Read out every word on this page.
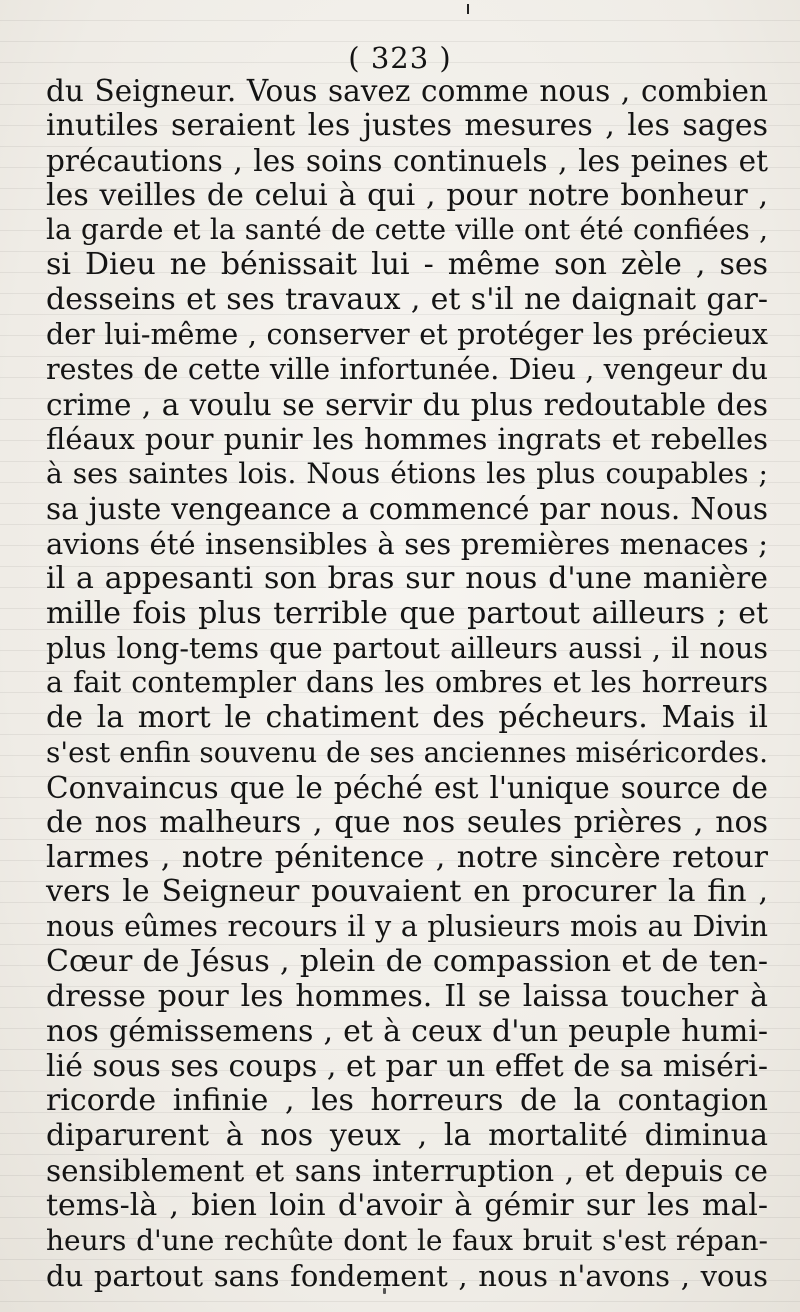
( 323 )
du Seigneur. Vous savez comme nous , combien
inutiles seraient les justes mesures , les sages
précautions , les soins continuels , les peines et
les veilles de celui à qui , pour notre bonheur ,
la garde et la santé de cette ville ont été confiées ,
si Dieu ne bénissait lui - même son zèle , ses
desseins et ses travaux , et s'il ne daignait gar-
der lui-même , conserver et protéger les précieux
restes de cette ville infortunée. Dieu , vengeur du
crime , a voulu se servir du plus redoutable des
fléaux pour punir les hommes ingrats et rebelles
à ses saintes lois. Nous étions les plus coupables ;
sa juste vengeance a commencé par nous. Nous
avions été insensibles à ses premières menaces ;
il a appesanti son bras sur nous d'une manière
mille fois plus terrible que partout ailleurs ; et
plus long-tems que partout ailleurs aussi , il nous
a fait contempler dans les ombres et les horreurs
de la mort le chatiment des pécheurs. Mais il
s'est enfin souvenu de ses anciennes miséricordes.
Convaincus que le péché est l'unique source de
de nos malheurs , que nos seules prières , nos
larmes , notre pénitence , notre sincère retour
vers le Seigneur pouvaient en procurer la fin ,
nous eûmes recours il y a plusieurs mois au Divin
Cœur de Jésus , plein de compassion et de ten-
dresse pour les hommes. Il se laissa toucher à
nos gémissemens , et à ceux d'un peuple humi-
lié sous ses coups , et par un effet de sa miséri-
ricorde infinie , les horreurs de la contagion
diparurent à nos yeux , la mortalité diminua
sensiblement et sans interruption , et depuis ce
tems-là , bien loin d'avoir à gémir sur les mal-
heurs d'une rechûte dont le faux bruit s'est répan-
du partout sans fondement , nous n'avons , vous
